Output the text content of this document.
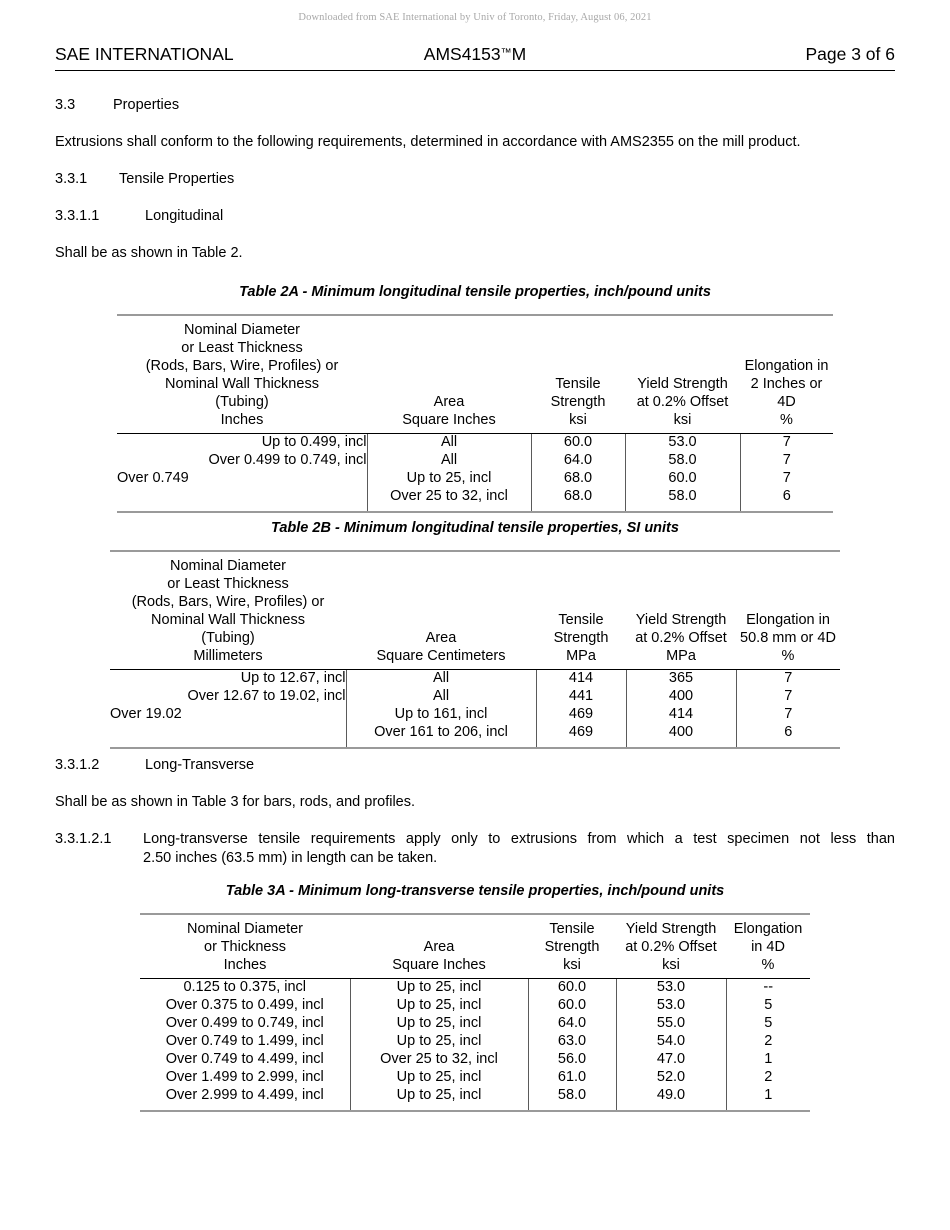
Downloaded from SAE International by Univ of Toronto, Friday, August 06, 2021
SAE INTERNATIONAL	AMS4153™M	Page 3 of 6

3.3	Properties

Extrusions shall conform to the following requirements, determined in accordance with AMS2355 on the mill product.

3.3.1 Tensile Properties

3.3.1.1	Longitudinal

Shall be as shown in Table 2.

Table 2A - Minimum longitudinal tensile properties, inch/pound units

Nominal Diameter
or Least Thickness
(Rods, Bars, Wire, Profiles) or
Nominal Wall Thickness
(Tubing)
Inches

Area
Square Inches

Tensile
Strength
ksi

Yield Strength
at 0.2% Offset
ksi

Elongation in
2 Inches or 4D
%

Up to 0.499, incl	All	60.0	53.0	7
Over 0.499 to 0.749, incl	All	64.0	58.0	7
Over 0.749	Up to 25, incl	68.0	60.0	7
	Over 25 to 32, incl	68.0	58.0	6

Table 2B - Minimum longitudinal tensile properties, SI units

Nominal Diameter
or Least Thickness
(Rods, Bars, Wire, Profiles) or
Nominal Wall Thickness
(Tubing)
Millimeters

Area
Square Centimeters

Tensile
Strength
MPa

Yield Strength
at 0.2% Offset
MPa

Elongation in
50.8 mm or 4D
%

Up to 12.67, incl	All	414	365	7
Over 12.67 to 19.02, incl	All	441	400	7
Over 19.02	Up to 161, incl	469	414	7
	Over 161 to 206, incl	469	400	6

3.3.1.2	Long-Transverse

Shall be as shown in Table 3 for bars, rods, and profiles.

3.3.1.2.1	Long-transverse tensile requirements apply only to extrusions from which a test specimen not less than
2.50 inches (63.5 mm) in length can be taken.
Table 3A - Minimum long-transverse tensile properties, inch/pound units

Nominal Diameter
or Thickness
Inches

Area
Square Inches

Tensile
Strength
ksi

Yield Strength
at 0.2% Offset
ksi

Elongation
in 4D
%

0.125 to 0.375, incl	Up to 25, incl	60.0	53.0	--
Over 0.375 to 0.499, incl	Up to 25, incl	60.0	53.0	5
Over 0.499 to 0.749, incl	Up to 25, incl	64.0	55.0	5
Over 0.749 to 1.499, incl	Up to 25, incl	63.0	54.0	2
Over 0.749 to 4.499, incl	Over 25 to 32, incl	56.0	47.0	1
Over 1.499 to 2.999, incl	Up to 25, incl	61.0	52.0	2
Over 2.999 to 4.499, incl	Up to 25, incl	58.0	49.0	1
